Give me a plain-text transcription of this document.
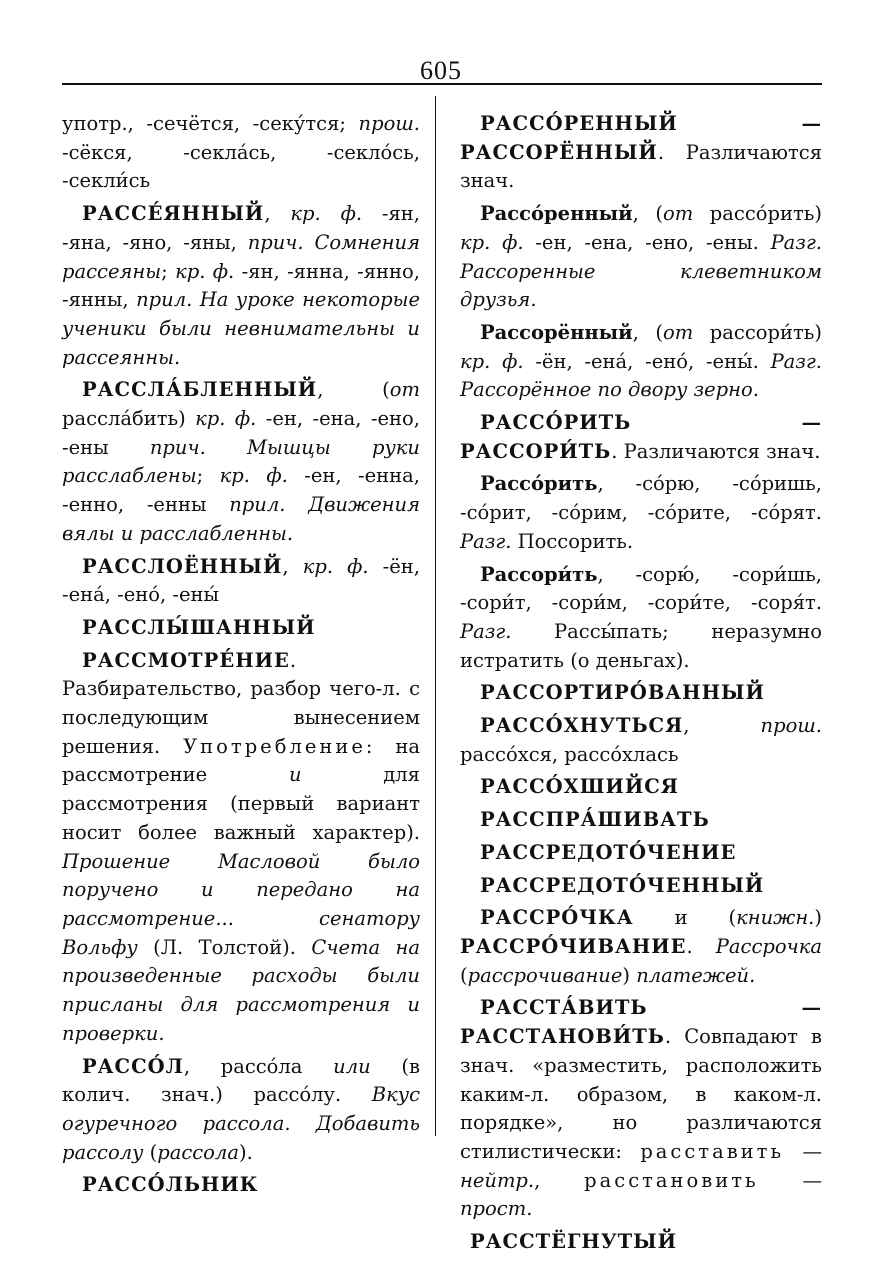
605

употр., -сечётся, -секу́тся; прош. -сёкся, -секла́сь, -секло́сь, -секли́сь

РАССЕ́ЯННЫЙ, кр. ф. -ян, -яна, -яно, -яны, прич. Сомнения рассеяны; кр. ф. -ян, -янна, -янно, -янны, прил. На уроке некоторые ученики были невнимательны и рассеянны.

РАССЛА́БЛЕННЫЙ, (от рассла́бить) кр. ф. -ен, -ена, -ено, -ены прич. Мышцы руки расслаблены; кр. ф. -ен, -енна, -енно, -енны прил. Движения вялы и расслабленны.

РАССЛОЁННЫЙ, кр. ф. -ён, -ена́, -ено́, -ены́

РАССЛЫ́ШАННЫЙ

РАССМОТРЕ́НИЕ. Разбирательство, разбор чего-л. с последующим вынесением решения. Употребление: на рассмотрение и для рассмотрения (первый вариант носит более важный характер). Прошение Масловой было поручено и передано на рассмотрение... сенатору Вольфу (Л. Толстой). Счета на произведенные расходы были присланы для рассмотрения и проверки.

РАССО́Л, рассо́ла или (в колич. знач.) рассо́лу. Вкус огуречного рассола. Добавить рассолу (рассола).

РАССО́ЛЬНИК

РАССО́РЕННЫЙ — РАССОРЁННЫЙ. Различаются знач.

Рассо́ренный, (от рассо́рить) кр. ф. -ен, -ена, -ено, -ены. Разг. Рассоренные клеветником друзья.

Рассорённый, (от рассори́ть) кр. ф. -ён, -ена́, -ено́, -ены́. Разг. Рассорённое по двору зерно.

РАССО́РИТЬ — РАССОРИ́ТЬ. Различаются знач.

Рассо́рить, -со́рю, -со́ришь, -со́рит, -со́рим, -со́рите, -со́рят. Разг. Поссорить.

Рассори́ть, -сорю́, -сори́шь, -сори́т, -сори́м, -сори́те, -соря́т. Разг. Рассы́пать; неразумно истратить (о деньгах).

РАССОРТИРО́ВАННЫЙ

РАССО́ХНУТЬСЯ, прош. рассо́хся, рассо́хлась

РАССО́ХШИЙСЯ

РАССПРА́ШИВАТЬ

РАССРЕДОТО́ЧЕНИЕ

РАССРЕДОТО́ЧЕННЫЙ

РАССРО́ЧКА и (книжн.) РАССРО́ЧИВАНИЕ. Рассрочка (рассрочивание) платежей.

РАССТА́ВИТЬ — РАССТАНОВИ́ТЬ. Совпадают в знач. «разместить, расположить каким-л. образом, в каком-л. порядке», но различаются стилистически: расставить — нейтр., расстановить — прост.

РАССТЁГНУТЫЙ
